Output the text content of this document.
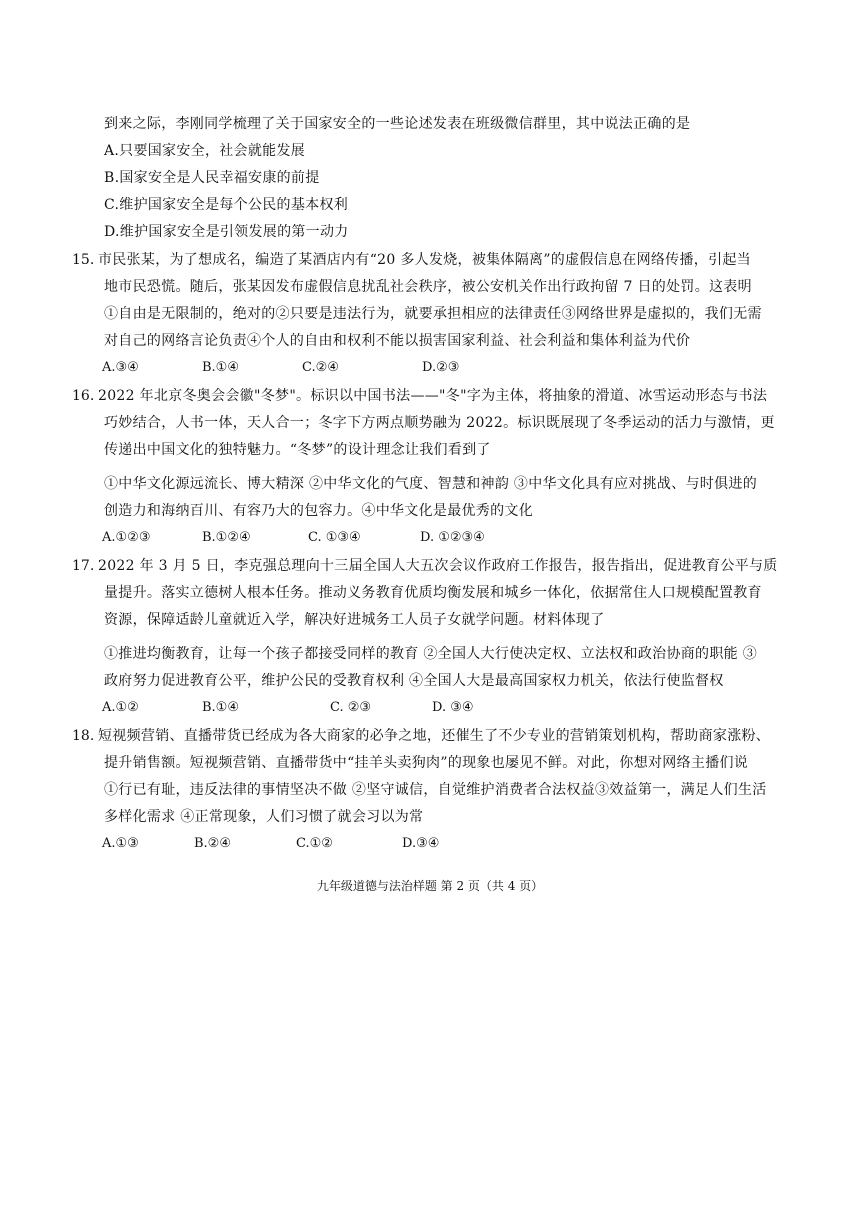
到来之际，李刚同学梳理了关于国家安全的一些论述发表在班级微信群里，其中说法正确的是
A.只要国家安全，社会就能发展
B.国家安全是人民幸福安康的前提
C.维护国家安全是每个公民的基本权利
D.维护国家安全是引领发展的第一动力
15. 市民张某，为了想成名，编造了某酒店内有“20 多人发烧，被集体隔离”的虚假信息在网络传播，引起当
地市民恐慌。随后，张某因发布虚假信息扰乱社会秩序，被公安机关作出行政拘留 7 日的处罚。这表明
①自由是无限制的，绝对的②只要是违法行为，就要承担相应的法律责任③网络世界是虚拟的，我们无需
对自己的网络言论负责④个人的自由和权利不能以损害国家利益、社会利益和集体利益为代价
A.③④	B.①④	C.②④	D.②③
16. 2022 年北京冬奥会会徽"冬梦"。标识以中国书法——"冬"字为主体，将抽象的滑道、冰雪运动形态与书法
巧妙结合，人书一体，天人合一；冬字下方两点顺势融为 2022。标识既展现了冬季运动的活力与激情，更
传递出中国文化的独特魅力。“冬梦”的设计理念让我们看到了
①中华文化源远流长、博大精深 ②中华文化的气度、智慧和神韵 ③中华文化具有应对挑战、与时俱进的
创造力和海纳百川、有容乃大的包容力。④中华文化是最优秀的文化
A.①②③	B.①②④	C. ①③④	D. ①②③④
17. 2022 年 3 月 5 日，李克强总理向十三届全国人大五次会议作政府工作报告，报告指出，促进教育公平与质
量提升。落实立德树人根本任务。推动义务教育优质均衡发展和城乡一体化，依据常住人口规模配置教育
资源，保障适龄儿童就近入学，解决好进城务工人员子女就学问题。材料体现了
①推进均衡教育，让每一个孩子都接受同样的教育 ②全国人大行使决定权、立法权和政治协商的职能 ③
政府努力促进教育公平，维护公民的受教育权利 ④全国人大是最高国家权力机关，依法行使监督权
A.①②	B.①④	C. ②③	D. ③④
18. 短视频营销、直播带货已经成为各大商家的必争之地，还催生了不少专业的营销策划机构，帮助商家涨粉、
提升销售额。短视频营销、直播带货中“挂羊头卖狗肉”的现象也屡见不鲜。对此，你想对网络主播们说
①行已有耻，违反法律的事情坚决不做 ②坚守诚信，自觉维护消费者合法权益③效益第一，满足人们生活
多样化需求 ④正常现象，人们习惯了就会习以为常
A.①③	B.②④	C.①②	D.③④
九年级道德与法治样题 第 2 页（共 4 页）
